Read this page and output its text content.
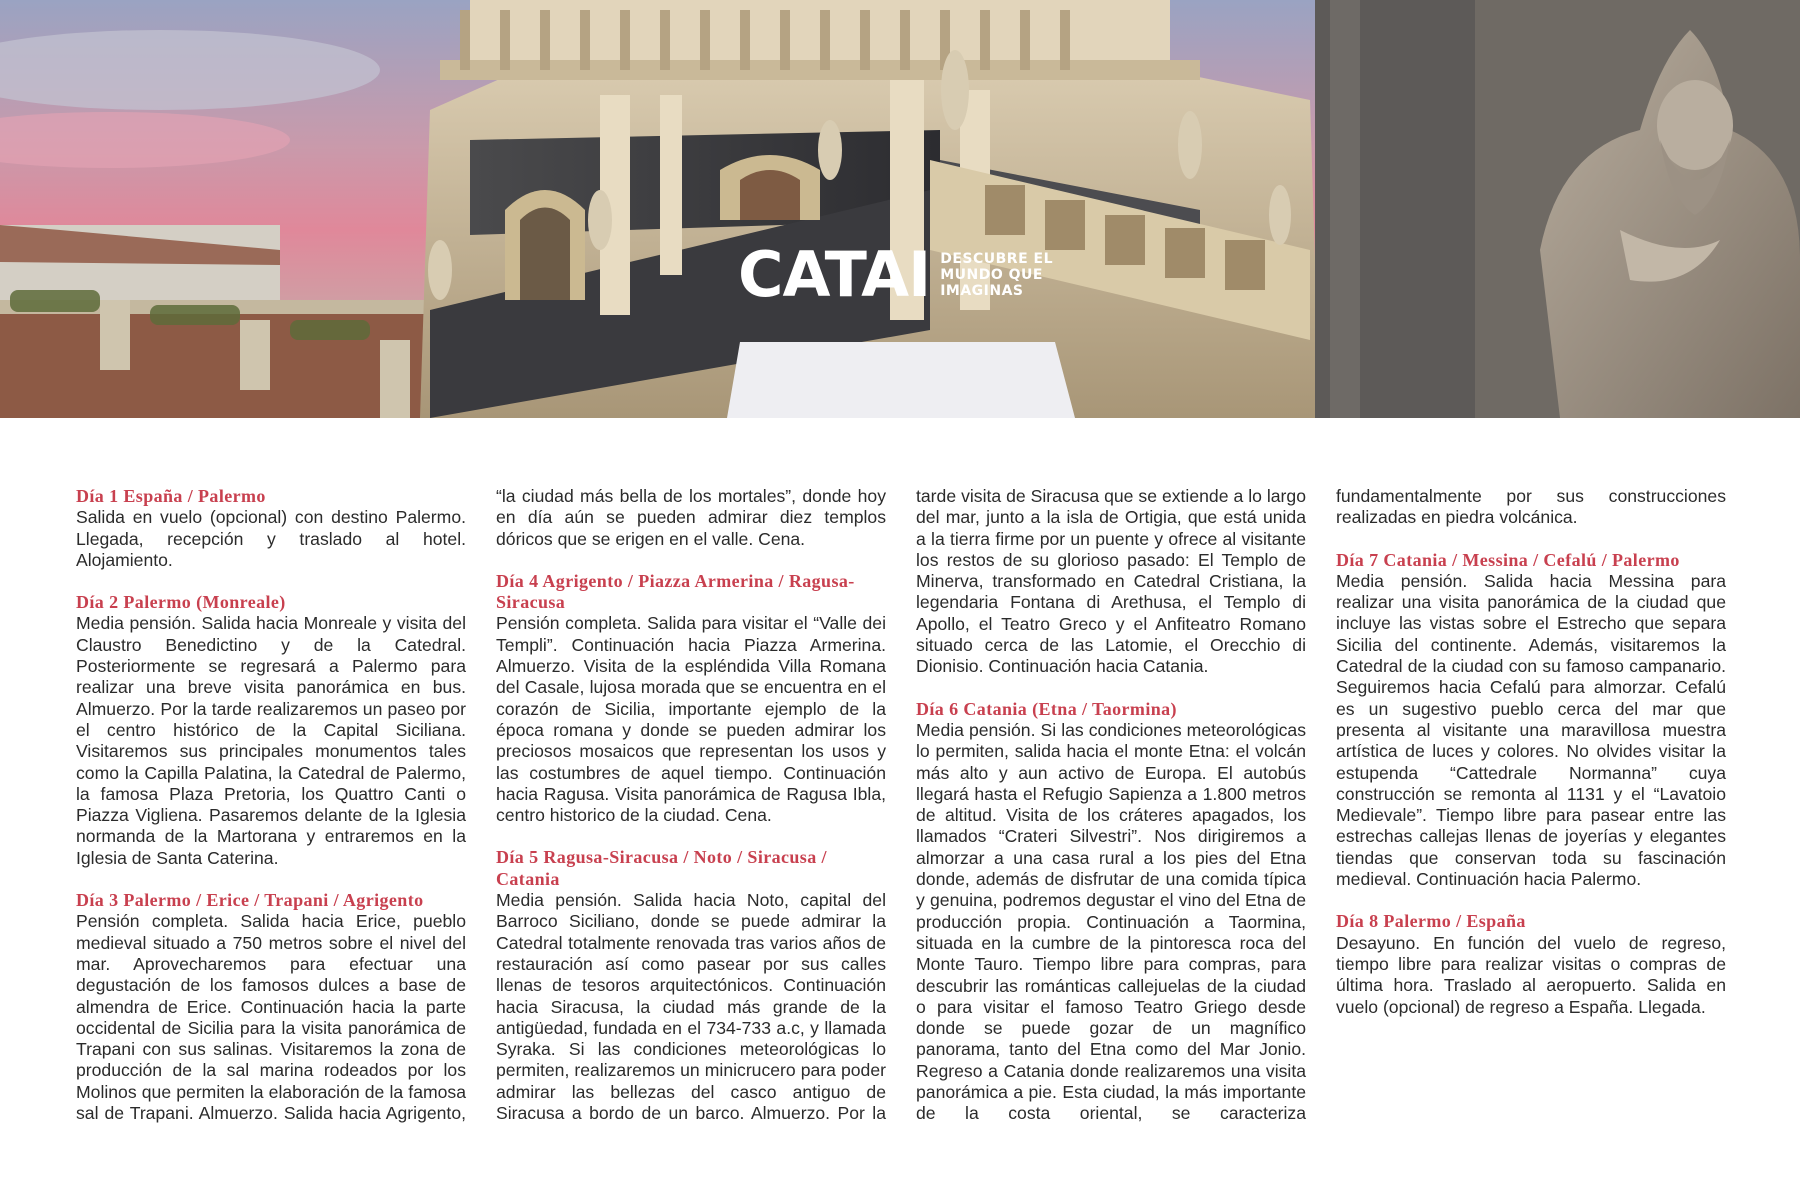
CATAI DESCUBRE EL
MUNDO QUE
IMAGINAS
Día 1 España / Palermo
Salida en vuelo (opcional) con destino Palermo. Llegada, recepción y traslado al hotel. Alojamiento.
Día 2 Palermo (Monreale)
Media pensión. Salida hacia Monreale y visita del Claustro Benedictino y de la Catedral. Posteriormente se regresará a Palermo para realizar una breve visita panorámica en bus. Almuerzo. Por la tarde realizaremos un paseo por el centro histórico de la Capital Siciliana. Visitaremos sus principales monumentos tales como la Capilla Palatina, la Catedral de Palermo, la famosa Plaza Pretoria, los Quattro Canti o Piazza Vigliena. Pasaremos delante de la Iglesia normanda de la Martorana y entraremos en la Iglesia de Santa Caterina.
Día 3 Palermo / Erice / Trapani / Agrigento
Pensión completa. Salida hacia Erice, pueblo medieval situado a 750 metros sobre el nivel del mar. Aprovecharemos para efectuar una degustación de los famosos dulces a base de almendra de Erice. Continuación hacia la parte occidental de Sicilia para la visita panorámica de Trapani con sus salinas. Visitaremos la zona de producción de la sal marina rodeados por los Molinos que permiten la elaboración de la famosa sal de Trapani. Almuerzo. Salida hacia Agrigento, “la ciudad más bella de los mortales”, donde hoy en día aún se pueden admirar diez templos dóricos que se erigen en el valle. Cena.
Día 4 Agrigento / Piazza Armerina / Ragusa-Siracusa
Pensión completa. Salida para visitar el “Valle dei Templi”. Continuación hacia Piazza Armerina. Almuerzo. Visita de la espléndida Villa Romana del Casale, lujosa morada que se encuentra en el corazón de Sicilia, importante ejemplo de la época romana y donde se pueden admirar los preciosos mosaicos que representan los usos y las costumbres de aquel tiempo. Continuación hacia Ragusa. Visita panorámica de Ragusa Ibla, centro historico de la ciudad. Cena.
Día 5 Ragusa-Siracusa / Noto / Siracusa / Catania
Media pensión. Salida hacia Noto, capital del Barroco Siciliano, donde se puede admirar la Catedral totalmente renovada tras varios años de restauración así como pasear por sus calles llenas de tesoros arquitectónicos. Continuación hacia Siracusa, la ciudad más grande de la antigüedad, fundada en el 734-733 a.c, y llamada Syraka. Si las condiciones meteorológicas lo permiten, realizaremos un minicrucero para poder admirar las bellezas del casco antiguo de Siracusa a bordo de un barco. Almuerzo. Por la tarde visita de Siracusa que se extiende a lo largo del mar, junto a la isla de Ortigia, que está unida a la tierra firme por un puente y ofrece al visitante los restos de su glorioso pasado: El Templo de Minerva, transformado en Catedral Cristiana, la legendaria Fontana di Arethusa, el Templo di Apollo, el Teatro Greco y el Anfiteatro Romano situado cerca de las Latomie, el Orecchio di Dionisio. Continuación hacia Catania.
Día 6 Catania (Etna / Taormina)
Media pensión. Si las condiciones meteorológicas lo permiten, salida hacia el monte Etna: el volcán más alto y aun activo de Europa. El autobús llegará hasta el Refugio Sapienza a 1.800 metros de altitud. Visita de los cráteres apagados, los llamados “Crateri Silvestri”. Nos dirigiremos a almorzar a una casa rural a los pies del Etna donde, además de disfrutar de una comida típica y genuina, podremos degustar el vino del Etna de producción propia. Continuación a Taormina, situada en la cumbre de la pintoresca roca del Monte Tauro. Tiempo libre para compras, para descubrir las románticas callejuelas de la ciudad o para visitar el famoso Teatro Griego desde donde se puede gozar de un magnífico panorama, tanto del Etna como del Mar Jonio. Regreso a Catania donde realizaremos una visita panorámica a pie. Esta ciudad, la más importante de la costa oriental, se caracteriza fundamentalmente por sus construcciones realizadas en piedra volcánica.
Día 7 Catania / Messina / Cefalú / Palermo
Media pensión. Salida hacia Messina para realizar una visita panorámica de la ciudad que incluye las vistas sobre el Estrecho que separa Sicilia del continente. Además, visitaremos la Catedral de la ciudad con su famoso campanario. Seguiremos hacia Cefalú para almorzar. Cefalú es un sugestivo pueblo cerca del mar que presenta al visitante una maravillosa muestra artística de luces y colores. No olvides visitar la estupenda “Cattedrale Normanna” cuya construcción se remonta al 1131 y el “Lavatoio Medievale”. Tiempo libre para pasear entre las estrechas callejas llenas de joyerías y elegantes tiendas que conservan toda su fascinación medieval. Continuación hacia Palermo.
Día 8 Palermo / España
Desayuno. En función del vuelo de regreso, tiempo libre para realizar visitas o compras de última hora. Traslado al aeropuerto. Salida en vuelo (opcional) de regreso a España. Llegada.
